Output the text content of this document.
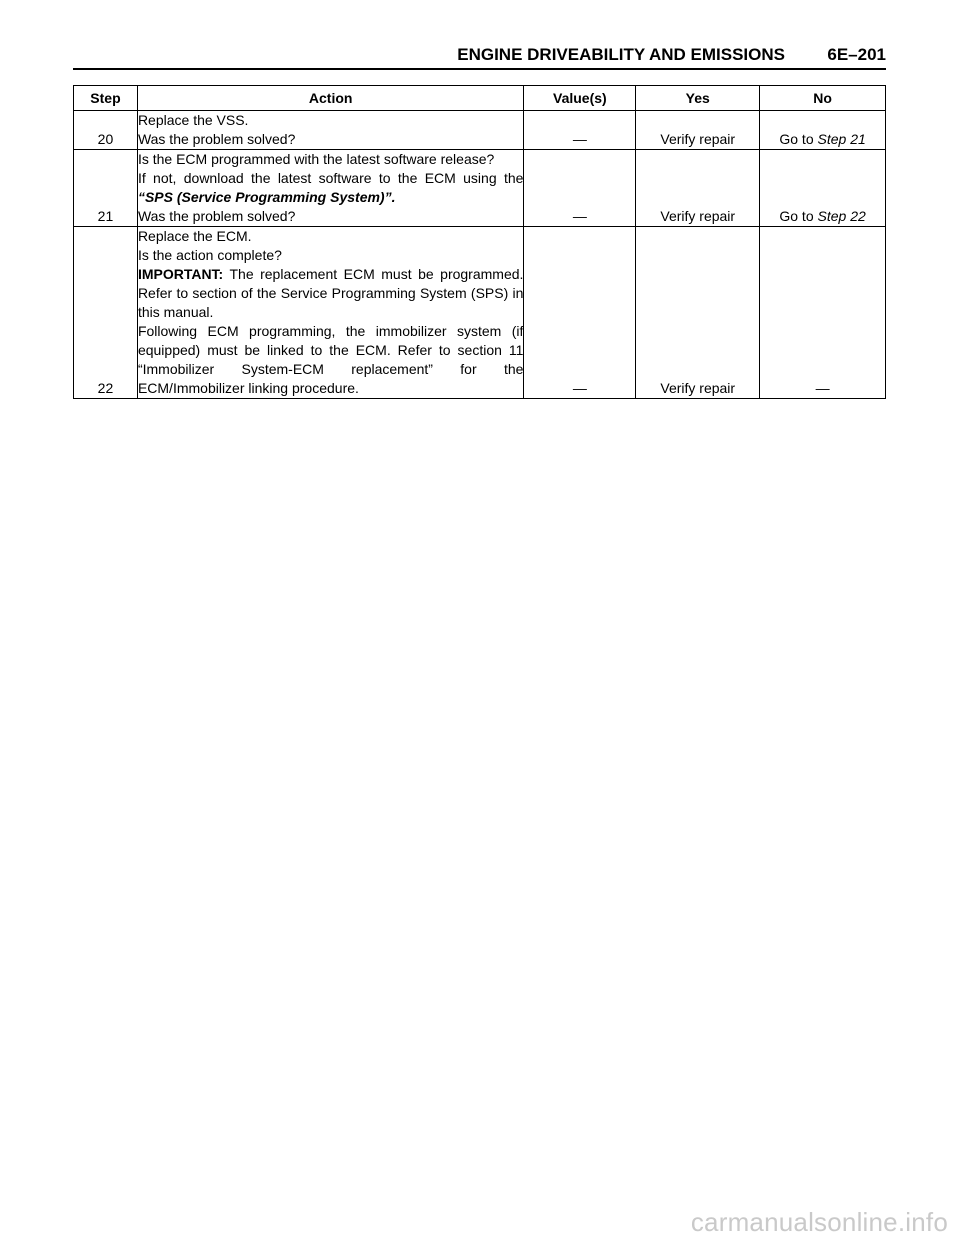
ENGINE DRIVEABILITY AND EMISSIONS 6E–201
Step	Action	Value(s)	Yes	No
20	Replace the VSS.
Was the problem solved?	—	Verify repair	Go to Step 21
21	Is the ECM programmed with the latest software release?
If not, download the latest software to the ECM using the “SPS (Service Programming System)”.
Was the problem solved?	—	Verify repair	Go to Step 22
22	Replace the ECM.
Is the action complete?
IMPORTANT: The replacement ECM must be programmed. Refer to section of the Service Programming System (SPS) in this manual.
Following ECM programming, the immobilizer system (if equipped) must be linked to the ECM. Refer to section 11 “Immobilizer System-ECM replacement” for the ECM/Immobilizer linking procedure.	—	Verify repair	—
carmanualsonline.info
